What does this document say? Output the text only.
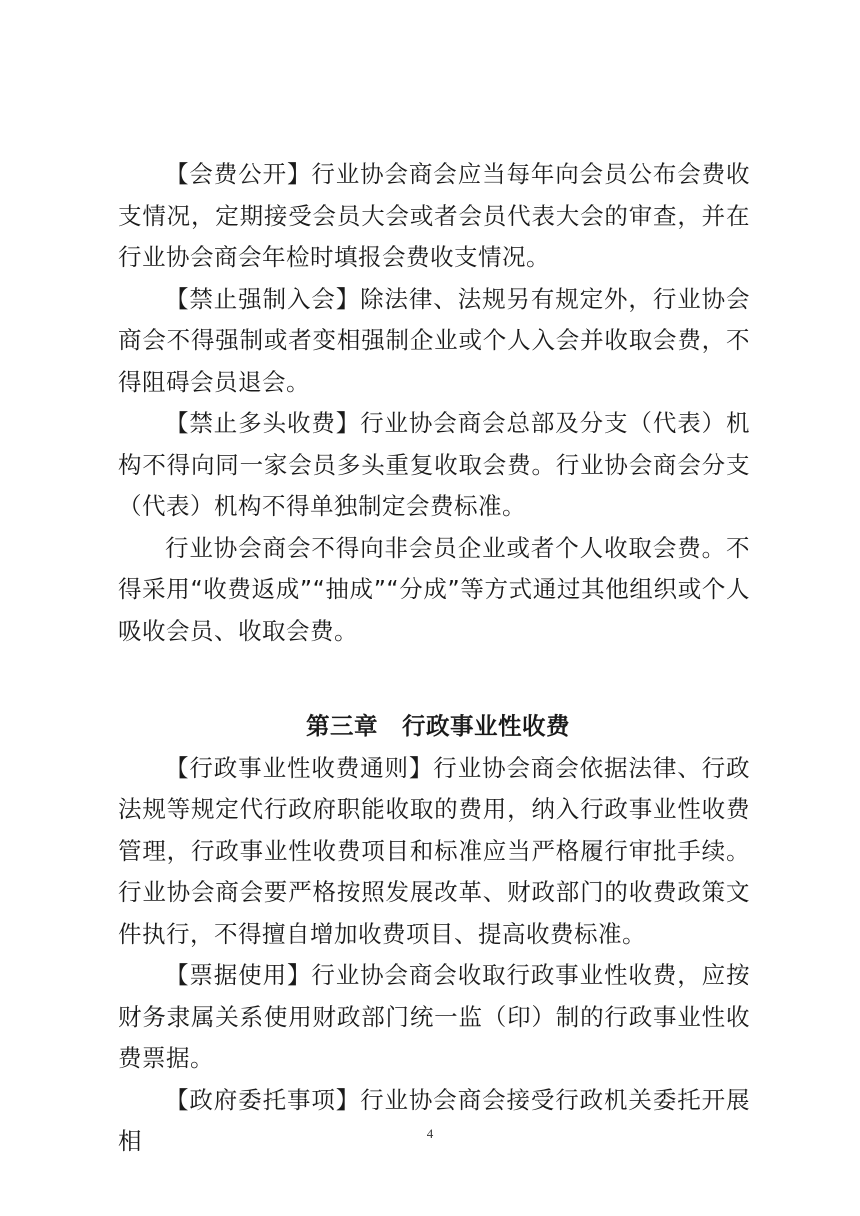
【会费公开】行业协会商会应当每年向会员公布会费收支情况，定期接受会员大会或者会员代表大会的审查，并在行业协会商会年检时填报会费收支情况。

【禁止强制入会】除法律、法规另有规定外，行业协会商会不得强制或者变相强制企业或个人入会并收取会费，不得阻碍会员退会。

【禁止多头收费】行业协会商会总部及分支（代表）机构不得向同一家会员多头重复收取会费。行业协会商会分支（代表）机构不得单独制定会费标准。

行业协会商会不得向非会员企业或者个人收取会费。不得采用“收费返成”“抽成”“分成”等方式通过其他组织或个人吸收会员、收取会费。

第三章　行政事业性收费

【行政事业性收费通则】行业协会商会依据法律、行政法规等规定代行政府职能收取的费用，纳入行政事业性收费管理，行政事业性收费项目和标准应当严格履行审批手续。行业协会商会要严格按照发展改革、财政部门的收费政策文件执行，不得擅自增加收费项目、提高收费标准。

【票据使用】行业协会商会收取行政事业性收费，应按财务隶属关系使用财政部门统一监（印）制的行政事业性收费票据。

【政府委托事项】行业协会商会接受行政机关委托开展相	4
